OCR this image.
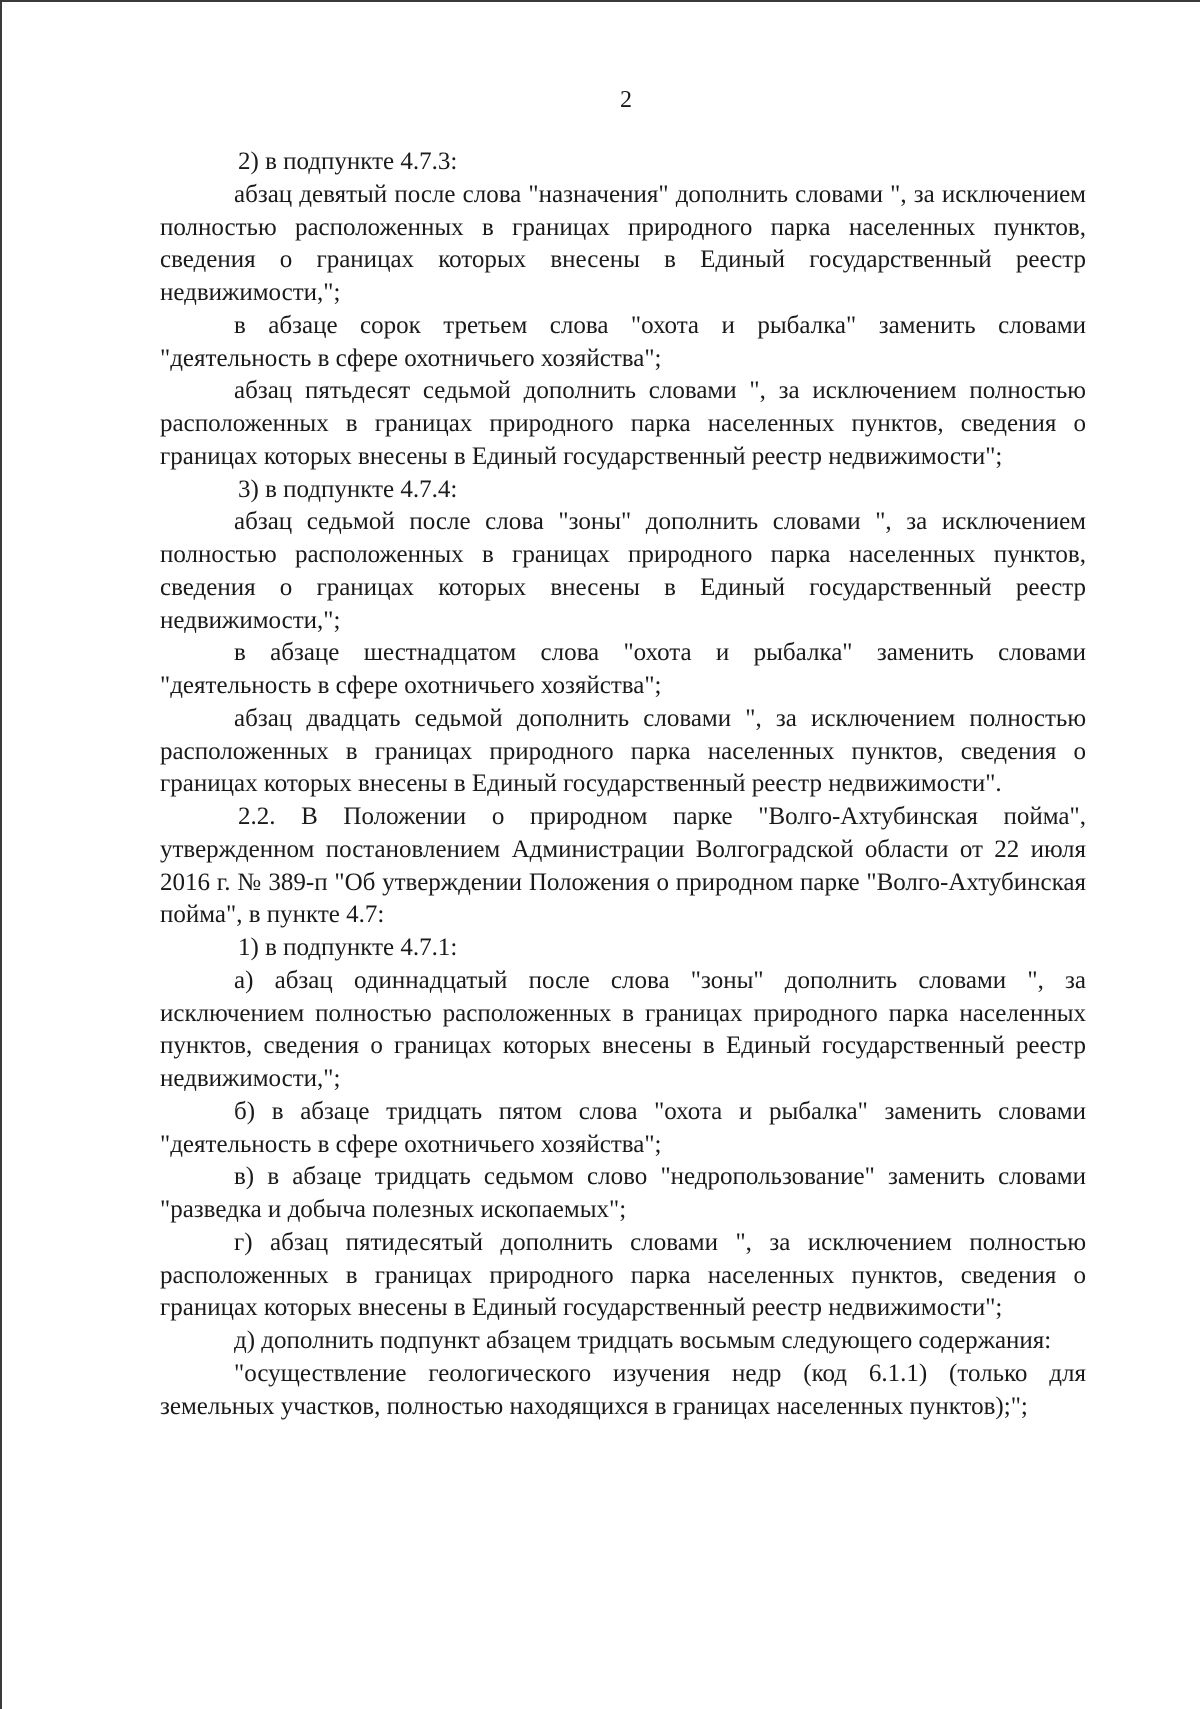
2

2) в подпункте 4.7.3:

абзац девятый после слова "назначения" дополнить словами ", за исключением полностью расположенных в границах природного парка населенных пунктов, сведения о границах которых внесены в Единый государственный реестр недвижимости,";

в абзаце сорок третьем слова "охота и рыбалка" заменить словами "деятельность в сфере охотничьего хозяйства";

абзац пятьдесят седьмой дополнить словами ", за исключением полностью расположенных в границах природного парка населенных пунктов, сведения о границах которых внесены в Единый государственный реестр недвижимости";

3) в подпункте 4.7.4:

абзац седьмой после слова "зоны" дополнить словами ", за исключением полностью расположенных в границах природного парка населенных пунктов, сведения о границах которых внесены в Единый государственный реестр недвижимости,";

в абзаце шестнадцатом слова "охота и рыбалка" заменить словами "деятельность в сфере охотничьего хозяйства";

абзац двадцать седьмой дополнить словами ", за исключением полностью расположенных в границах природного парка населенных пунктов, сведения о границах которых внесены в Единый государственный реестр недвижимости".

2.2. В Положении о природном парке "Волго-Ахтубинская пойма", утвержденном постановлением Администрации Волгоградской области от 22 июля 2016 г. № 389-п "Об утверждении Положения о природном парке "Волго-Ахтубинская пойма", в пункте 4.7:

1) в подпункте 4.7.1:

а) абзац одиннадцатый после слова "зоны" дополнить словами ", за исключением полностью расположенных в границах природного парка населенных пунктов, сведения о границах которых внесены в Единый государственный реестр недвижимости,";

б) в абзаце тридцать пятом слова "охота и рыбалка" заменить словами "деятельность в сфере охотничьего хозяйства";

в) в абзаце тридцать седьмом слово "недропользование" заменить словами "разведка и добыча полезных ископаемых";

г) абзац пятидесятый дополнить словами ", за исключением полностью расположенных в границах природного парка населенных пунктов, сведения о границах которых внесены в Единый государственный реестр недвижимости";

д) дополнить подпункт абзацем тридцать восьмым следующего содержания:

"осуществление геологического изучения недр (код 6.1.1) (только для земельных участков, полностью находящихся в границах населенных пунктов);";
